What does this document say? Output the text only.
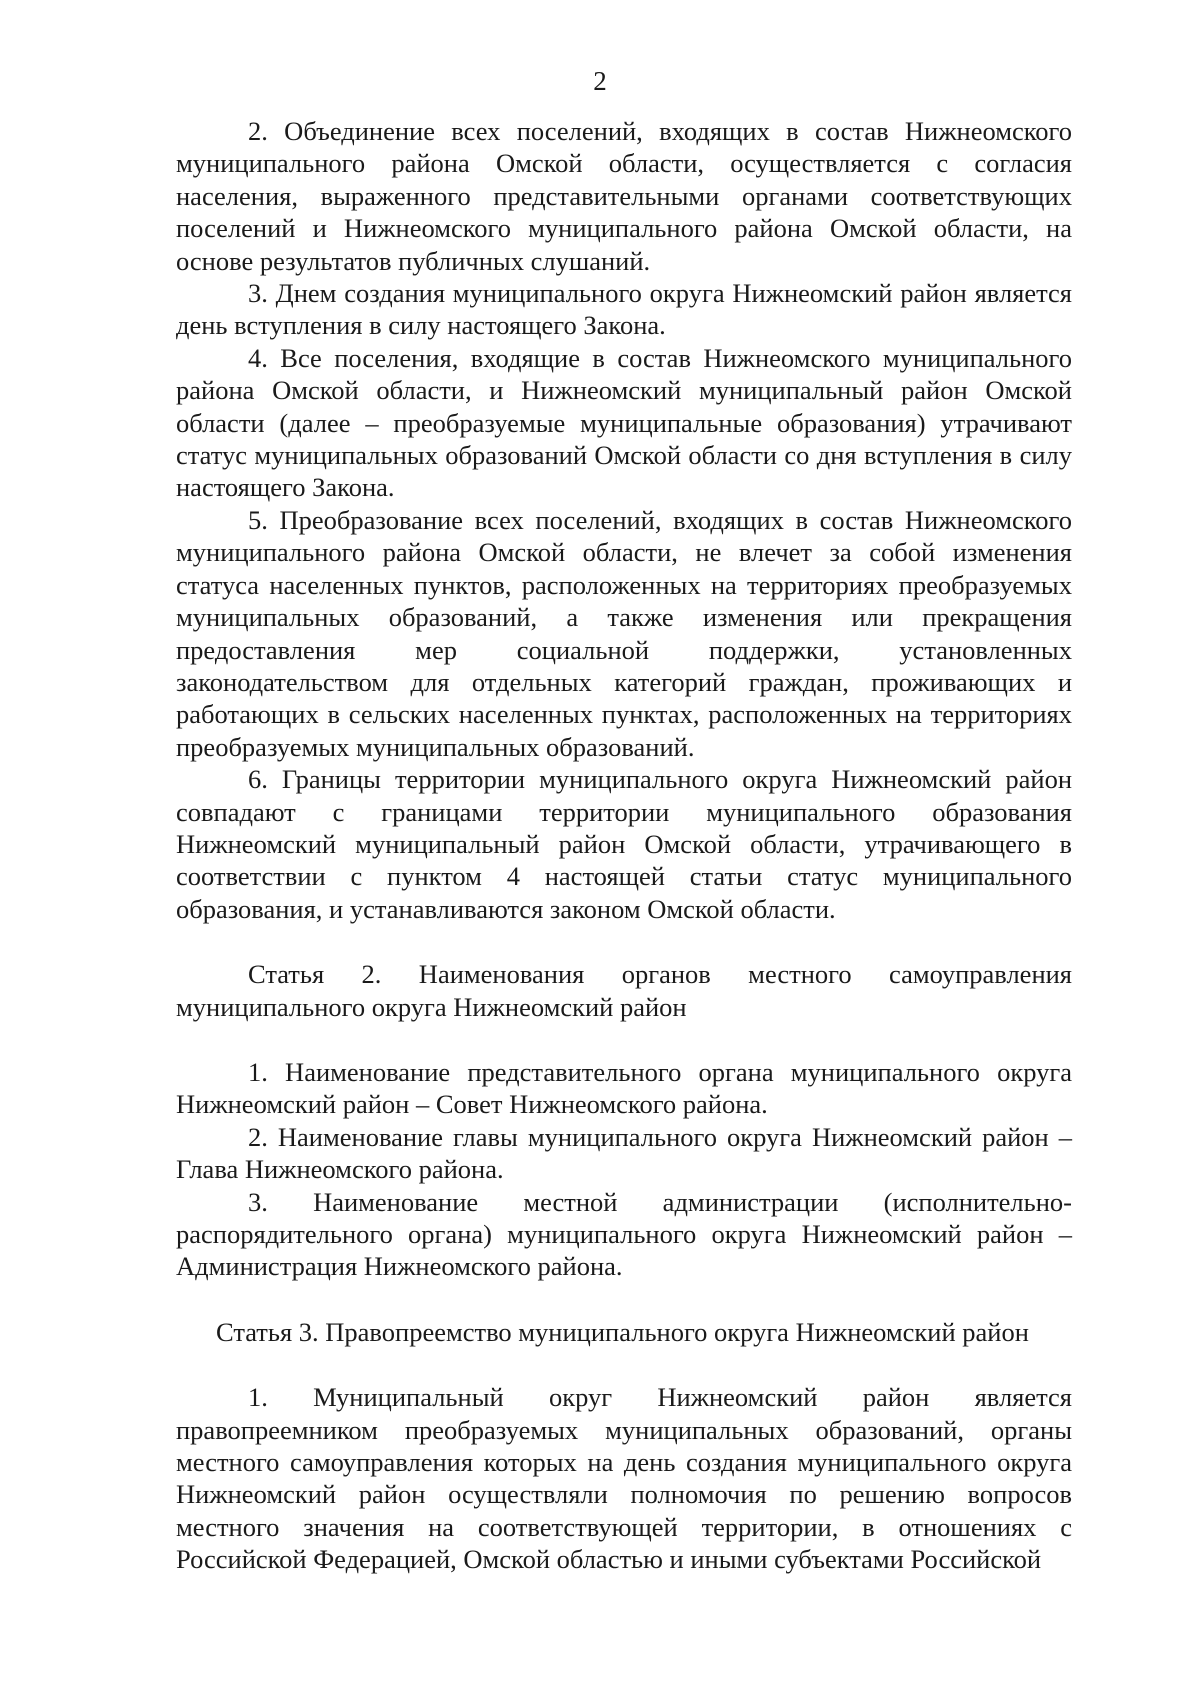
2

2. Объединение всех поселений, входящих в состав Нижнеомского муниципального района Омской области, осуществляется с согласия населения, выраженного представительными органами соответствующих поселений и Нижнеомского муниципального района Омской области, на основе результатов публичных слушаний.

3. Днем создания муниципального округа Нижнеомский район является день вступления в силу настоящего Закона.

4. Все поселения, входящие в состав Нижнеомского муниципального района Омской области, и Нижнеомский муниципальный район Омской области (далее – преобразуемые муниципальные образования) утрачивают статус муниципальных образований Омской области со дня вступления в силу настоящего Закона.

5. Преобразование всех поселений, входящих в состав Нижнеомского муниципального района Омской области, не влечет за собой изменения статуса населенных пунктов, расположенных на территориях преобразуемых муниципальных образований, а также изменения или прекращения предоставления мер социальной поддержки, установленных законодательством для отдельных категорий граждан, проживающих и работающих в сельских населенных пунктах, расположенных на территориях преобразуемых муниципальных образований.

6. Границы территории муниципального округа Нижнеомский район совпадают с границами территории муниципального образования Нижнеомский муниципальный район Омской области, утрачивающего в соответствии с пунктом 4 настоящей статьи статус муниципального образования, и устанавливаются законом Омской области.

Статья 2. Наименования органов местного самоуправления муниципального округа Нижнеомский район

1. Наименование представительного органа муниципального округа Нижнеомский район – Совет Нижнеомского района.

2. Наименование главы муниципального округа Нижнеомский район – Глава Нижнеомского района.

3. Наименование местной администрации (исполнительно-распорядительного органа) муниципального округа Нижнеомский район – Администрация Нижнеомского района.

Статья 3. Правопреемство муниципального округа Нижнеомский район

1. Муниципальный округ Нижнеомский район является правопреемником преобразуемых муниципальных образований, органы местного самоуправления которых на день создания муниципального округа Нижнеомский район осуществляли полномочия по решению вопросов местного значения на соответствующей территории, в отношениях с Российской Федерацией, Омской областью и иными субъектами Российской
